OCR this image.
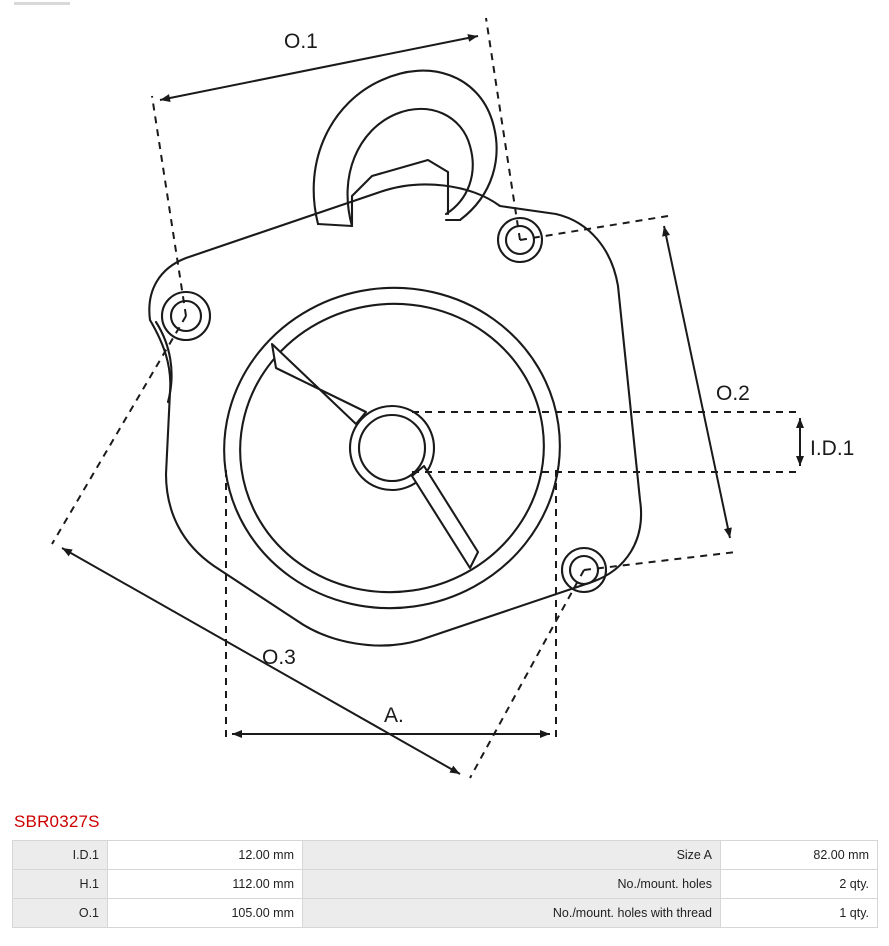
O.1
O.2
I.D.1
O.3
A.
SBR0327S
I.D.1	12.00 mm	Size A	82.00 mm
H.1	112.00 mm	No./mount. holes	2 qty.
O.1	105.00 mm	No./mount. holes with thread	1 qty.
